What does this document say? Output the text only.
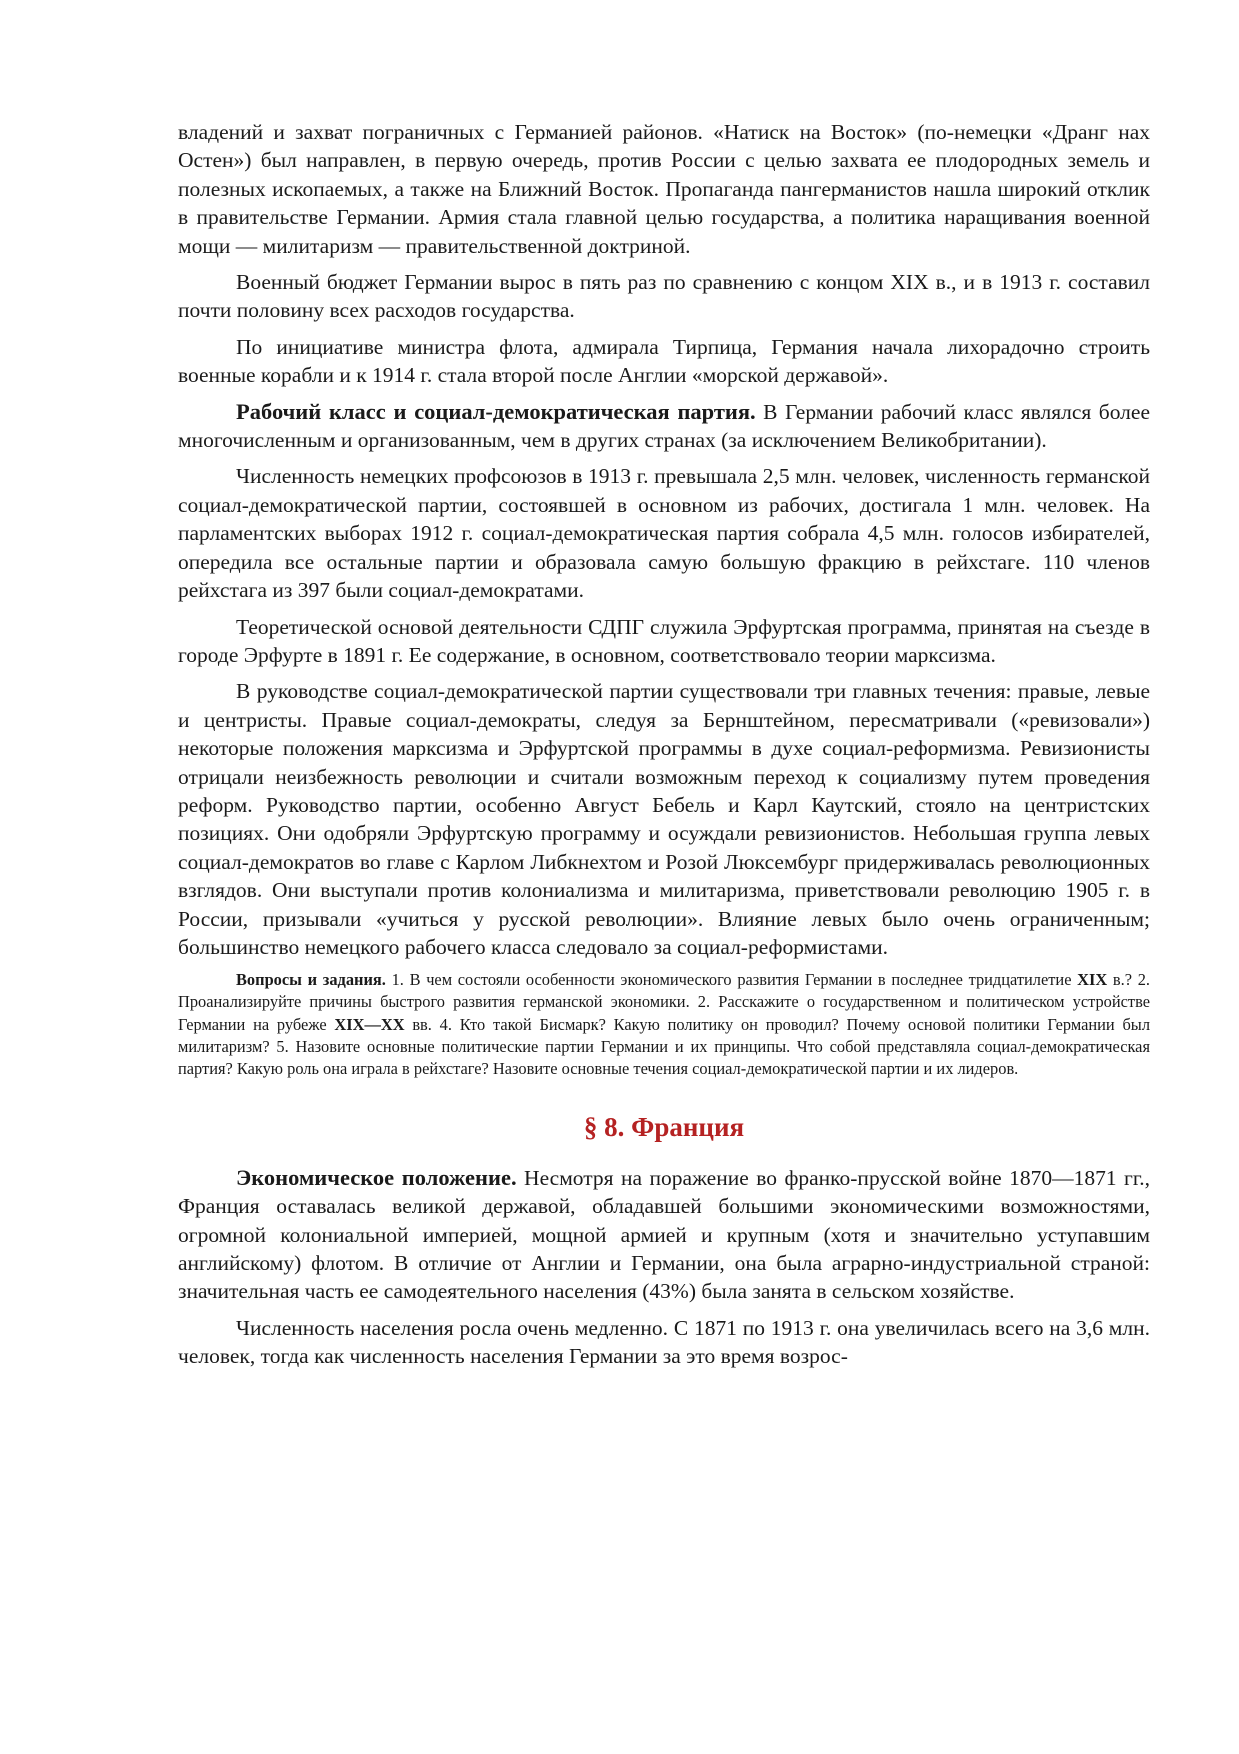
владений и захват пограничных с Германией районов. «Натиск на Восток» (по-немецки «Дранг нах Остен») был направлен, в первую очередь, против России с целью захвата ее плодородных земель и полезных ископаемых, а также на Ближний Восток. Пропаганда пангерманистов нашла широкий отклик в правительстве Германии. Армия стала главной целью государства, а политика наращивания военной мощи — милитаризм — правительственной доктриной.

Военный бюджет Германии вырос в пять раз по сравнению с концом XIX в., и в 1913 г. составил почти половину всех расходов государства.

По инициативе министра флота, адмирала Тирпица, Германия начала лихорадочно строить военные корабли и к 1914 г. стала второй после Англии «морской державой».

Рабочий класс и социал-демократическая партия. В Германии рабочий класс являлся более многочисленным и организованным, чем в других странах (за исключением Великобритании).

Численность немецких профсоюзов в 1913 г. превышала 2,5 млн. человек, численность германской социал-демократической партии, состоявшей в основном из рабочих, достигала 1 млн. человек. На парламентских выборах 1912 г. социал-демократическая партия собрала 4,5 млн. голосов избирателей, опередила все остальные партии и образовала самую большую фракцию в рейхстаге. 110 членов рейхстага из 397 были социал-демократами.

Теоретической основой деятельности СДПГ служила Эрфуртская программа, принятая на съезде в городе Эрфурте в 1891 г. Ее содержание, в основном, соответствовало теории марксизма.

В руководстве социал-демократической партии существовали три главных течения: правые, левые и центристы. Правые социал-демократы, следуя за Бернштейном, пересматривали («ревизовали») некоторые положения марксизма и Эрфуртской программы в духе социал-реформизма. Ревизионисты отрицали неизбежность революции и считали возможным переход к социализму путем проведения реформ. Руководство партии, особенно Август Бебель и Карл Каутский, стояло на центристских позициях. Они одобряли Эрфуртскую программу и осуждали ревизионистов. Небольшая группа левых социал-демократов во главе с Карлом Либкнехтом и Розой Люксембург придерживалась революционных взглядов. Они выступали против колониализма и милитаризма, приветствовали революцию 1905 г. в России, призывали «учиться у русской революции». Влияние левых было очень ограниченным; большинство немецкого рабочего класса следовало за социал-реформистами.

Вопросы и задания. 1. В чем состояли особенности экономического развития Германии в последнее тридцатилетие XIX в.? 2. Проанализируйте причины быстрого развития германской экономики. 2. Расскажите о государственном и политическом устройстве Германии на рубеже XIX—XX вв. 4. Кто такой Бисмарк? Какую политику он проводил? Почему основой политики Германии был милитаризм? 5. Назовите основные политические партии Германии и их принципы. Что собой представляла социал-демократическая партия? Какую роль она играла в рейхстаге? Назовите основные течения социал-демократической партии и их лидеров.

§ 8. Франция

Экономическое положение. Несмотря на поражение во франко-прусской войне 1870—1871 гг., Франция оставалась великой державой, обладавшей большими экономическими возможностями, огромной колониальной империей, мощной армией и крупным (хотя и значительно уступавшим английскому) флотом. В отличие от Англии и Германии, она была аграрно-индустриальной страной: значительная часть ее самодеятельного населения (43%) была занята в сельском хозяйстве.

Численность населения росла очень медленно. С 1871 по 1913 г. она увеличилась всего на 3,6 млн. человек, тогда как численность населения Германии за это время возрос-
